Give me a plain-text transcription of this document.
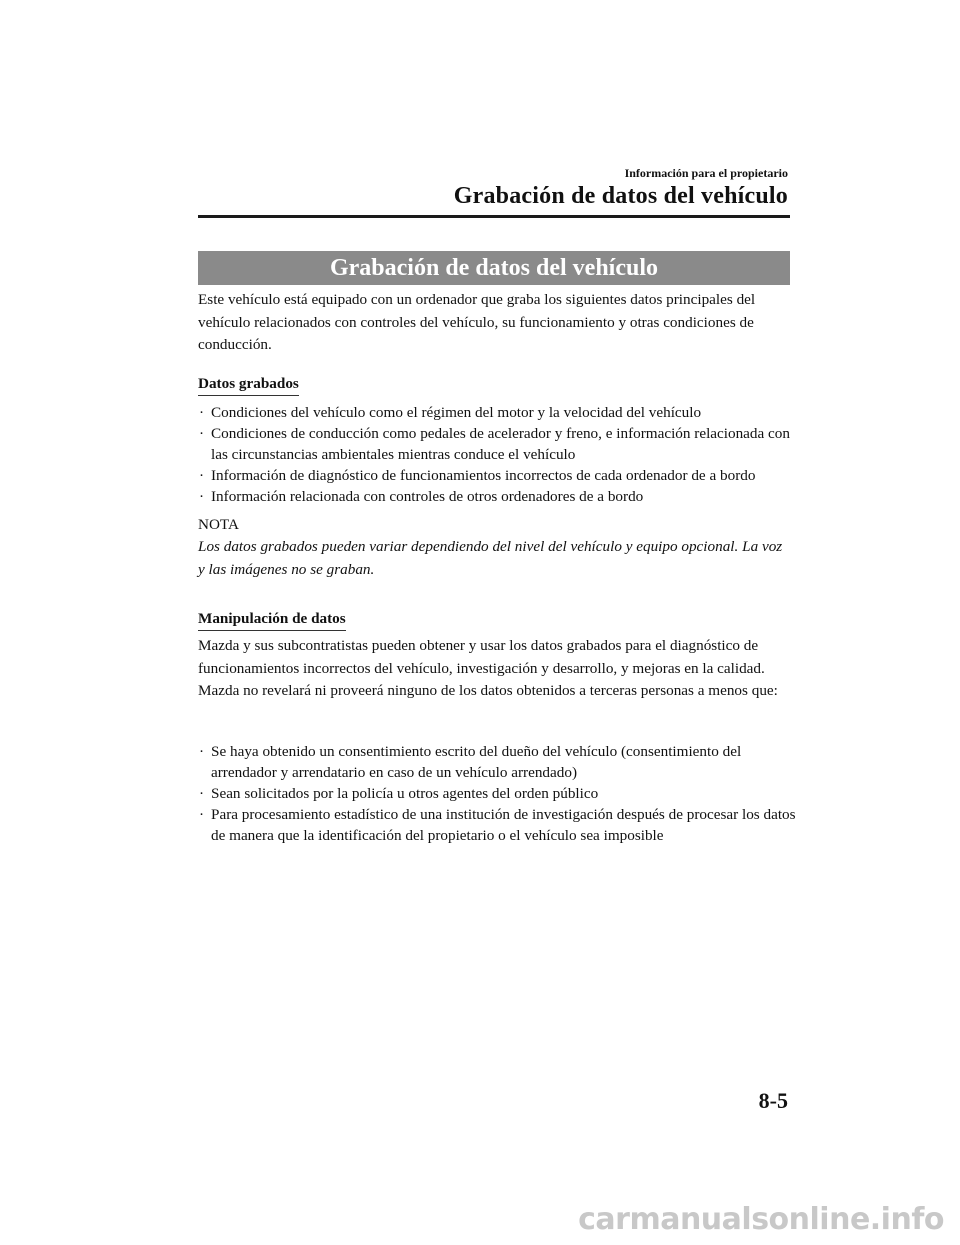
Información para el propietario
Grabación de datos del vehículo
Grabación de datos del vehículo
Este vehículo está equipado con un ordenador que graba los siguientes datos principales del vehículo relacionados con controles del vehículo, su funcionamiento y otras condiciones de conducción.
Datos grabados
· Condiciones del vehículo como el régimen del motor y la velocidad del vehículo
· Condiciones de conducción como pedales de acelerador y freno, e información relacionada con las circunstancias ambientales mientras conduce el vehículo
· Información de diagnóstico de funcionamientos incorrectos de cada ordenador de a bordo
· Información relacionada con controles de otros ordenadores de a bordo
NOTA
Los datos grabados pueden variar dependiendo del nivel del vehículo y equipo opcional. La voz y las imágenes no se graban.
Manipulación de datos
Mazda y sus subcontratistas pueden obtener y usar los datos grabados para el diagnóstico de funcionamientos incorrectos del vehículo, investigación y desarrollo, y mejoras en la calidad.
Mazda no revelará ni proveerá ninguno de los datos obtenidos a terceras personas a menos que:
· Se haya obtenido un consentimiento escrito del dueño del vehículo (consentimiento del arrendador y arrendatario en caso de un vehículo arrendado)
· Sean solicitados por la policía u otros agentes del orden público
· Para procesamiento estadístico de una institución de investigación después de procesar los datos de manera que la identificación del propietario o el vehículo sea imposible
8-5
carmanualsonline.info
